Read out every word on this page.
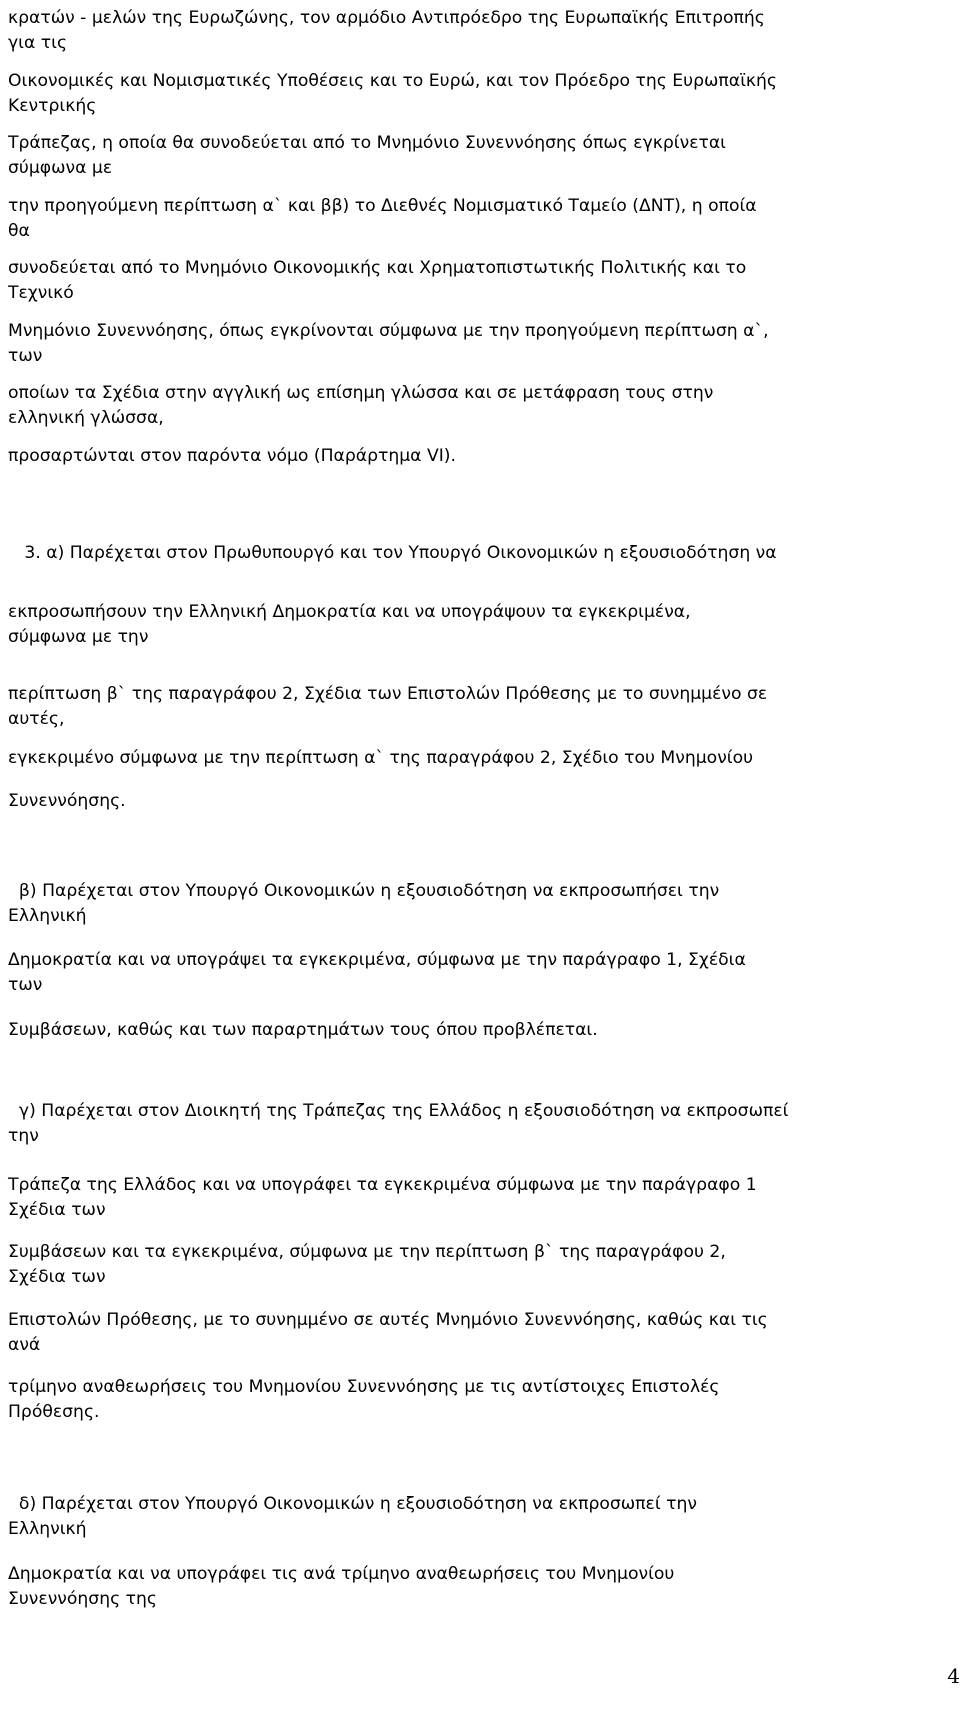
κρατών - μελών της Ευρωζώνης, τον αρμόδιο Αντιπρόεδρο της Ευρωπαϊκής Επιτροπής

για τις

Οικονομικές και Νομισματικές Υποθέσεις και το Ευρώ, και τον Πρόεδρο της Ευρωπαϊκής

Κεντρικής

Τράπεζας, η οποία θα συνοδεύεται από το Μνημόνιο Συνεννόησης όπως εγκρίνεται

σύμφωνα με

την προηγούμενη περίπτωση α` και ββ) το Διεθνές Νομισματικό Ταμείο (ΔΝΤ), η οποία

θα

συνοδεύεται από το Μνημόνιο Οικονομικής και Χρηματοπιστωτικής Πολιτικής και το

Τεχνικό

Μνημόνιο Συνεννόησης, όπως εγκρίνονται σύμφωνα με την προηγούμενη περίπτωση α`,

των

οποίων τα Σχέδια στην αγγλική ως επίσημη γλώσσα και σε μετάφραση τους στην

ελληνική γλώσσα,

προσαρτώνται στον παρόντα νόμο (Παράρτημα VI).

3. α) Παρέχεται στον Πρωθυπουργό και τον Υπουργό Οικονομικών η εξουσιοδότηση να

εκπροσωπήσουν την Ελληνική Δημοκρατία και να υπογράψουν τα εγκεκριμένα,

σύμφωνα με την

περίπτωση β` της παραγράφου 2, Σχέδια των Επιστολών Πρόθεσης με το συνημμένο σε

αυτές,

εγκεκριμένο σύμφωνα με την περίπτωση α` της παραγράφου 2, Σχέδιο του Μνημονίου

Συνεννόησης.

β) Παρέχεται στον Υπουργό Οικονομικών η εξουσιοδότηση να εκπροσωπήσει την

Ελληνική

Δημοκρατία και να υπογράψει τα εγκεκριμένα, σύμφωνα με την παράγραφο 1, Σχέδια

των

Συμβάσεων, καθώς και των παραρτημάτων τους όπου προβλέπεται.

γ) Παρέχεται στον Διοικητή της Τράπεζας της Ελλάδος η εξουσιοδότηση να εκπροσωπεί

την

Τράπεζα της Ελλάδος και να υπογράφει τα εγκεκριμένα σύμφωνα με την παράγραφο 1

Σχέδια των

Συμβάσεων και τα εγκεκριμένα, σύμφωνα με την περίπτωση β` της παραγράφου 2,

Σχέδια των

Επιστολών Πρόθεσης, με το συνημμένο σε αυτές Μνημόνιο Συνεννόησης, καθώς και τις

ανά

τρίμηνο αναθεωρήσεις του Μνημονίου Συνεννόησης με τις αντίστοιχες Επιστολές

Πρόθεσης.

δ) Παρέχεται στον Υπουργό Οικονομικών η εξουσιοδότηση να εκπροσωπεί την

Ελληνική

Δημοκρατία και να υπογράφει τις ανά τρίμηνο αναθεωρήσεις του Μνημονίου

Συνεννόησης της

4
